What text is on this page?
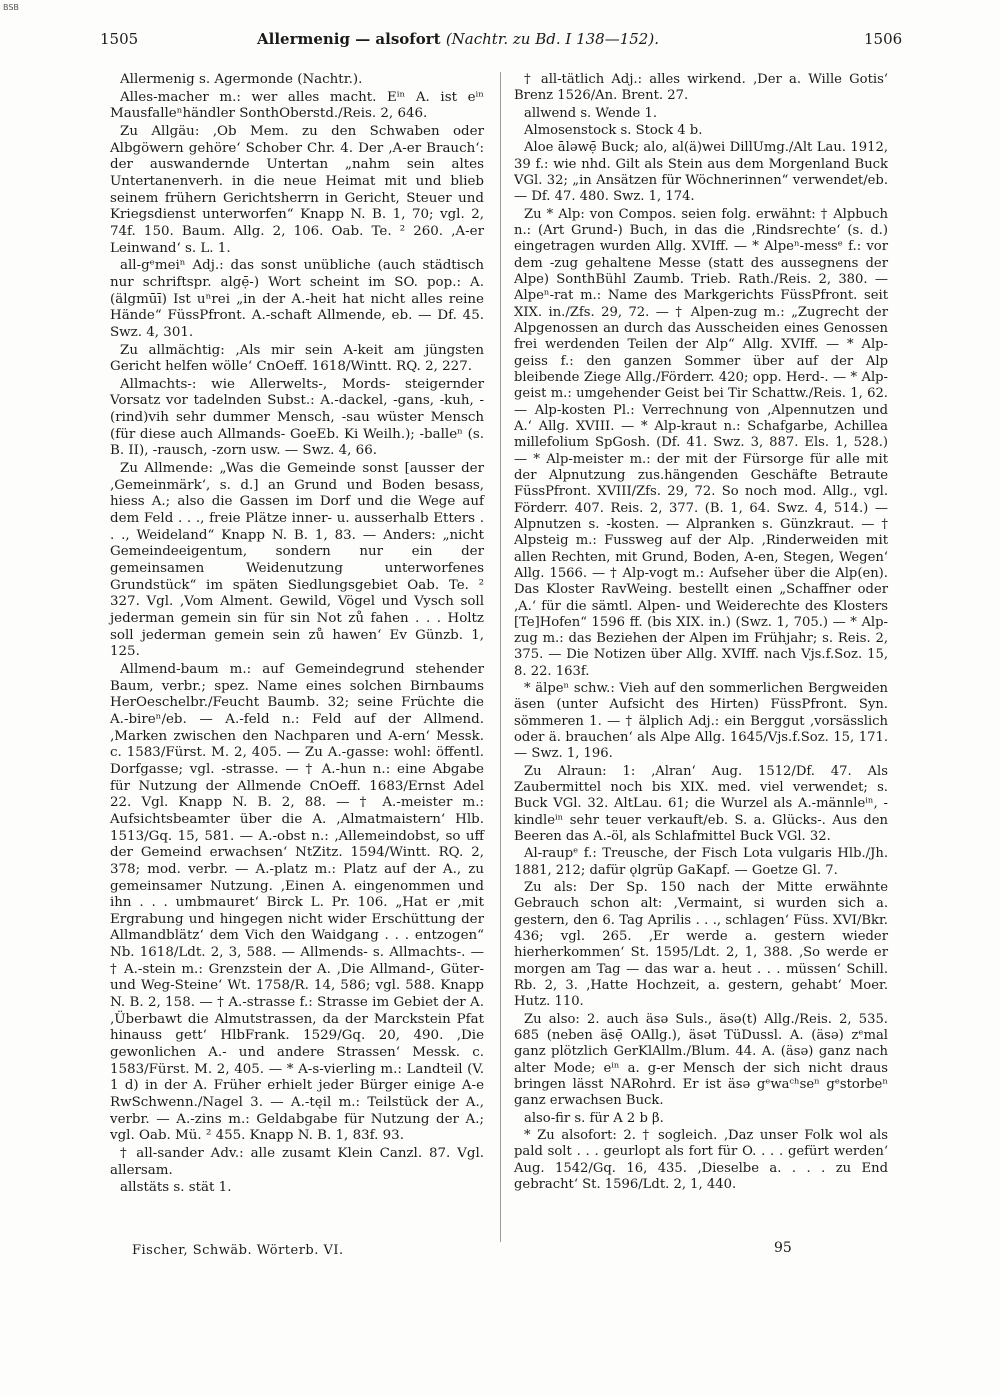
BSB
1505	Allermenig — alsofort (Nachtr. zu Bd. I 138—152).	1506

Allermenig s. Agermonde (Nachtr.).

Alles-macher m.: wer alles macht. Eⁱⁿ A. ist eⁱⁿ Mausfalleⁿhändler SonthOberstd./Reis. 2, 646.

Zu Allgäu: ‚Ob Mem. zu den Schwaben oder Albgöwern gehöre‘ Schober Chr. 4. Der ‚A-er Brauch‘: der auswandernde Untertan „nahm sein altes Untertanenverh. in die neue Heimat mit und blieb seinem frühern Gerichtsherrn in Gericht, Steuer und Kriegsdienst unterworfen“ Knapp N. B. 1, 70; vgl. 2, 74f. 150. Baum. Allg. 2, 106. Oab. Te. ² 260. ‚A-er Leinwand‘ s. L. 1.

all-gᵉmeiⁿ Adj.: das sonst unübliche (auch städtisch nur schriftspr. algẹ̄-) Wort scheint im SO. pop.: A. (älgmūī) Ist uⁿrei „in der A.-heit hat nicht alles reine Hände“ FüssPfront. A.-schaft Allmende, eb. — Df. 45. Swz. 4, 301.

Zu allmächtig: ‚Als mir sein A-keit am jüngsten Gericht helfen wölle‘ CnOeff. 1618/Wintt. RQ. 2, 227.

Allmachts-: wie Allerwelts-, Mords- steigernder Vorsatz vor tadelnden Subst.: A.-dackel, -gans, -kuh, -(rind)vih sehr dummer Mensch, -sau wüster Mensch (für diese auch Allmands- GoeEb. Ki Weilh.); -balleⁿ (s. B. II), -rausch, -zorn usw. — Swz. 4, 66.

Zu Allmende: „Was die Gemeinde sonst [ausser der ‚Gemeinmärk‘, s. d.] an Grund und Boden besass, hiess A.; also die Gassen im Dorf und die Wege auf dem Feld . . ., freie Plätze inner- u. ausserhalb Etters . . ., Weideland“ Knapp N. B. 1, 83. — Anders: „nicht Gemeindeeigentum, sondern nur ein der gemeinsamen Weidenutzung unterworfenes Grundstück“ im späten Siedlungsgebiet Oab. Te. ² 327. Vgl. ‚Vom Alment. Gewild, Vögel und Vysch soll jederman gemein sin für sin Not zů fahen . . . Holtz soll jederman gemein sein zů hawen‘ Ev Günzb. 1, 125.

Allmend-baum m.: auf Gemeindegrund stehender Baum, verbr.; spez. Name eines solchen Birnbaums HerOeschelbr./Feucht Baumb. 32; seine Früchte die A.-bireⁿ/eb. — A.-feld n.: Feld auf der Allmend. ‚Marken zwischen den Nachparen und A-ern‘ Messk. c. 1583/Fürst. M. 2, 405. — Zu A.-gasse: wohl: öffentl. Dorfgasse; vgl. -strasse. — † A.-hun n.: eine Abgabe für Nutzung der Allmende CnOeff. 1683/Ernst Adel 22. Vgl. Knapp N. B. 2, 88. — † A.-meister m.: Aufsichtsbeamter über die A. ‚Almatmaistern‘ Hlb. 1513/Gq. 15, 581. — A.-obst n.: ‚Allemeindobst, so uff der Gemeind erwachsen‘ NtZitz. 1594/Wintt. RQ. 2, 378; mod. verbr. — A.-platz m.: Platz auf der A., zu gemeinsamer Nutzung. ‚Einen A. eingenommen und ihn . . . umbmauret‘ Birck L. Pr. 106. „Hat er ‚mit Ergrabung und hingegen nicht wider Erschüttung der Allmandblätz‘ dem Vich den Waidgang . . . entzogen“ Nb. 1618/Ldt. 2, 3, 588. — Allmends- s. Allmachts-. — † A.-stein m.: Grenzstein der A. ‚Die Allmand-, Güter- und Weg-Steine‘ Wt. 1758/R. 14, 586; vgl. 588. Knapp N. B. 2, 158. — † A.-strasse f.: Strasse im Gebiet der A. ‚Überbawt die Almutstrassen, da der Marckstein Pfat hinauss gett‘ HlbFrank. 1529/Gq. 20, 490. ‚Die gewonlichen A.- und andere Strassen‘ Messk. c. 1583/Fürst. M. 2, 405. — * A-s-vierling m.: Landteil (V. 1 d) in der A. Früher erhielt jeder Bürger einige A-e RwSchwenn./Nagel 3. — A.-tęil m.: Teilstück der A., verbr. — A.-zins m.: Geldabgabe für Nutzung der A.; vgl. Oab. Mü. ² 455. Knapp N. B. 1, 83f. 93.

† all-sander Adv.: alle zusamt Klein Canzl. 87. Vgl. allersam.

allstäts s. stät 1.

† all-tätlich Adj.: alles wirkend. ‚Der a. Wille Gotis‘ Brenz 1526/An. Brent. 27.

allwend s. Wende 1.

Almosenstock s. Stock 4 b.

Aloe ālǝwẹ̄ Buck; alo, al(ä)wei DillUmg./Alt Lau. 1912, 39 f.: wie nhd. Gilt als Stein aus dem Morgenland Buck VGl. 32; „in Ansätzen für Wöchnerinnen“ verwendet/eb. — Df. 47. 480. Swz. 1, 174.

Zu * Alp: von Compos. seien folg. erwähnt: † Alpbuch n.: (Art Grund-) Buch, in das die ‚Rindsrechte‘ (s. d.) eingetragen wurden Allg. XVIff. — * Alpeⁿ-messᵉ f.: vor dem -zug gehaltene Messe (statt des aussegnens der Alpe) SonthBühl Zaumb. Trieb. Rath./Reis. 2, 380. — Alpeⁿ-rat m.: Name des Markgerichts FüssPfront. seit XIX. in./Zfs. 29, 72. — † Alpen-zug m.: „Zugrecht der Alpgenossen an durch das Ausscheiden eines Genossen frei werdenden Teilen der Alp“ Allg. XVIff. — * Alp-geiss f.: den ganzen Sommer über auf der Alp bleibende Ziege Allg./Förderr. 420; opp. Herd-. — * Alp-geist m.: umgehender Geist bei Tir Schattw./Reis. 1, 62. — Alp-kosten Pl.: Verrechnung von ‚Alpennutzen und A.‘ Allg. XVIII. — * Alp-kraut n.: Schafgarbe, Achillea millefolium SpGosh. (Df. 41. Swz. 3, 887. Els. 1, 528.) — * Alp-meister m.: der mit der Fürsorge für alle mit der Alpnutzung zus.hängenden Geschäfte Betraute FüssPfront. XVIII/Zfs. 29, 72. So noch mod. Allg., vgl. Förderr. 407. Reis. 2, 377. (B. 1, 64. Swz. 4, 514.) — Alpnutzen s. -kosten. — Alpranken s. Günzkraut. — † Alpsteig m.: Fussweg auf der Alp. ‚Rinderweiden mit allen Rechten, mit Grund, Boden, A-en, Stegen, Wegen‘ Allg. 1566. — † Alp-vogt m.: Aufseher über die Alp(en). Das Kloster RavWeing. bestellt einen „Schaffner oder ‚A.‘ für die sämtl. Alpen- und Weiderechte des Klosters [Te]Hofen“ 1596 ff. (bis XIX. in.) (Swz. 1, 705.) — * Alp-zug m.: das Beziehen der Alpen im Frühjahr; s. Reis. 2, 375. — Die Notizen über Allg. XVIff. nach Vjs.f.Soz. 15, 8. 22. 163f.

* älpeⁿ schw.: Vieh auf den sommerlichen Bergweiden äsen (unter Aufsicht des Hirten) FüssPfront. Syn. sömmeren 1. — † älplich Adj.: ein Berggut ‚vorsässlich oder ä. brauchen‘ als Alpe Allg. 1645/Vjs.f.Soz. 15, 171. — Swz. 1, 196.

Zu Alraun: 1: ‚Alran‘ Aug. 1512/Df. 47. Als Zaubermittel noch bis XIX. med. viel verwendet; s. Buck VGl. 32. AltLau. 61; die Wurzel als A.-männleⁱⁿ, -kindleⁱⁿ sehr teuer verkauft/eb. S. a. Glücks-. Aus den Beeren das A.-öl, als Schlafmittel Buck VGl. 32.

Al-raupᵉ f.: Treusche, der Fisch Lota vulgaris Hlb./Jh. 1881, 212; dafür ǫlgrüp GaKapf. — Goetze Gl. 7.

Zu als: Der Sp. 150 nach der Mitte erwähnte Gebrauch schon alt: ‚Vermaint, si wurden sich a. gestern, den 6. Tag Aprilis . . ., schlagen‘ Füss. XVI/Bkr. 436; vgl. 265. ‚Er werde a. gestern wieder hierherkommen‘ St. 1595/Ldt. 2, 1, 388. ‚So werde er morgen am Tag — das war a. heut . . . müssen‘ Schill. Rb. 2, 3. ‚Hatte Hochzeit, a. gestern, gehabt‘ Moer. Hutz. 110.

Zu also: 2. auch äsǝ Suls., äsǝ(t) Allg./Reis. 2, 535. 685 (neben äsẹ̄ OAllg.), äsǝt TüDussl. A. (äsǝ) zᵉmal ganz plötzlich GerKlAllm./Blum. 44. A. (äsǝ) ganz nach alter Mode; eⁱⁿ a. g-er Mensch der sich nicht draus bringen lässt NARohrd. Er ist äsǝ gᵉwaᶜʰseⁿ gᵉstorbeⁿ ganz erwachsen Buck.

also-fir s. für A 2 b β.

* Zu alsofort: 2. † sogleich. ‚Daz unser Folk wol als pald solt . . . geurlopt als fort für O. . . . gefürt werden‘ Aug. 1542/Gq. 16, 435. ‚Dieselbe a. . . . zu End gebracht‘ St. 1596/Ldt. 2, 1, 440.

Fischer, Schwäb. Wörterb. VI.	95
